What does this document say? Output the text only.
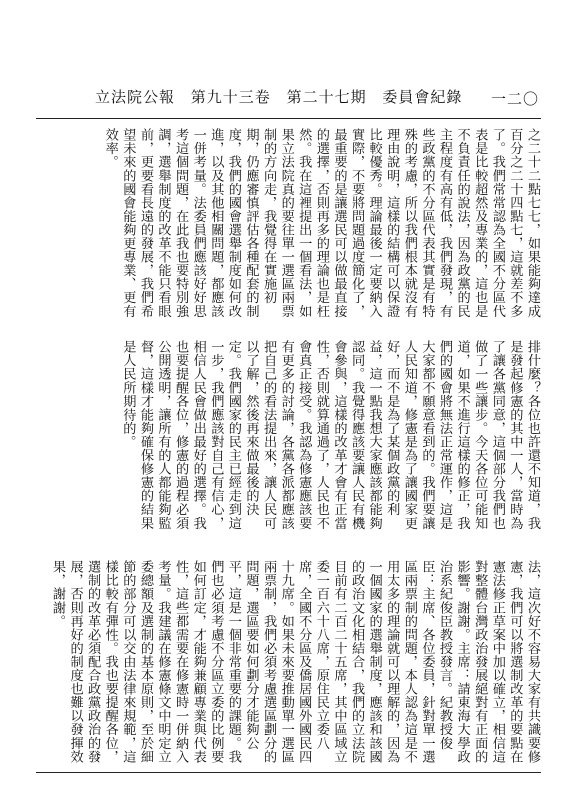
立法院公報 第九十三卷 第二十七期 委員會紀錄	一二〇
之二十二點七七，如果能夠達成百分之二十四點七，這就差不多了。我們常常認為全國不分區代表是比較超然及專業的，這也是不負責任的說法，因為政黨的民主程度有高有低，我們發現，有些政黨的不分區代表其實是有特殊的考慮，所以我們根本就沒有理由說明，這樣的結構可以保證比較優秀。理論最後一定要納入實際，不要將問題過度簡化了，最重要的是讓選民可以做最直接的選擇，否則再多的理論也是枉然。我在這裡提出一個看法，如果立法院真的要往單一選區兩票制的方向走，我覺得在實施初期，仍應審慎評估各種配套的制度，我們的國會選舉制度如何改進，以及其他相關問題，都應該一併考量。法委員們應該好好思考這個問題，在此我也要特別強調，選舉制度的改革不能只看眼前，更要看長遠的發展，我們希望未來的國會能夠更專業、更有效率。
排什麼？各位也許還不知道，我是發起修憲的其中一人，當時為了讓各黨同意，這個部分我們也做了一些讓步。今天各位可能知道，如果不進行這樣的修正，我們的國會將無法正常運作，這是大家都不願意看到的。我們要讓人民知道，修憲是為了讓國家更好，而不是為了某個政黨的利益，這一點我想大家應該都能夠認同。我覺得應該要讓人民有機會參與，這樣的改革才會有正當性，否則就算通過了，人民也不會真正接受。我認為修憲應該要有更多的討論，各黨各派都應該把自己的看法提出來，讓人民可以了解，然後再來做最後的決定。我們國家的民主已經走到這一步，我們應該對自己有信心，相信人民會做出最好的選擇。我也要提醒各位，修憲的過程必須公開透明，讓所有的人都能夠監督，這樣才能夠確保修憲的結果是人民所期待的。
法，這次好不容易大家有共識要修憲，我們可以將選制改革的要點在憲法修正草案中加以確立，相信這對整體台灣政治發展絕對有正面的影響。謝謝。主席：請東海大學政治系紀俊臣教授發言。紀教授俊臣：主席、各位委員，針對單一選區兩票制的問題，本人認為這是不用太多的理論就可以理解的，因為一個國家的選舉制度，應該和該國的政治文化相結合，我們的立法院目前有二百二十五席，其中區域立委一百六十八席，原住民立委八席，全國不分區及僑居國外國民四十九席。如果未來要推動單一選區兩票制，我們必須考慮選區劃分的問題，選區要如何劃分才能夠公平，這是一個非常重要的課題。我們也必須考慮不分區立委的比例要如何訂定，才能夠兼顧專業與代表性，這些都需要在修憲時一併納入考量。我建議在修憲條文中明定立委總額及選制的基本原則，至於細節的部分可以交由法律來規範，這樣比較有彈性。我也要提醒各位，選制的改革必須配合政黨政治的發展，否則再好的制度也難以發揮效果，謝謝。
